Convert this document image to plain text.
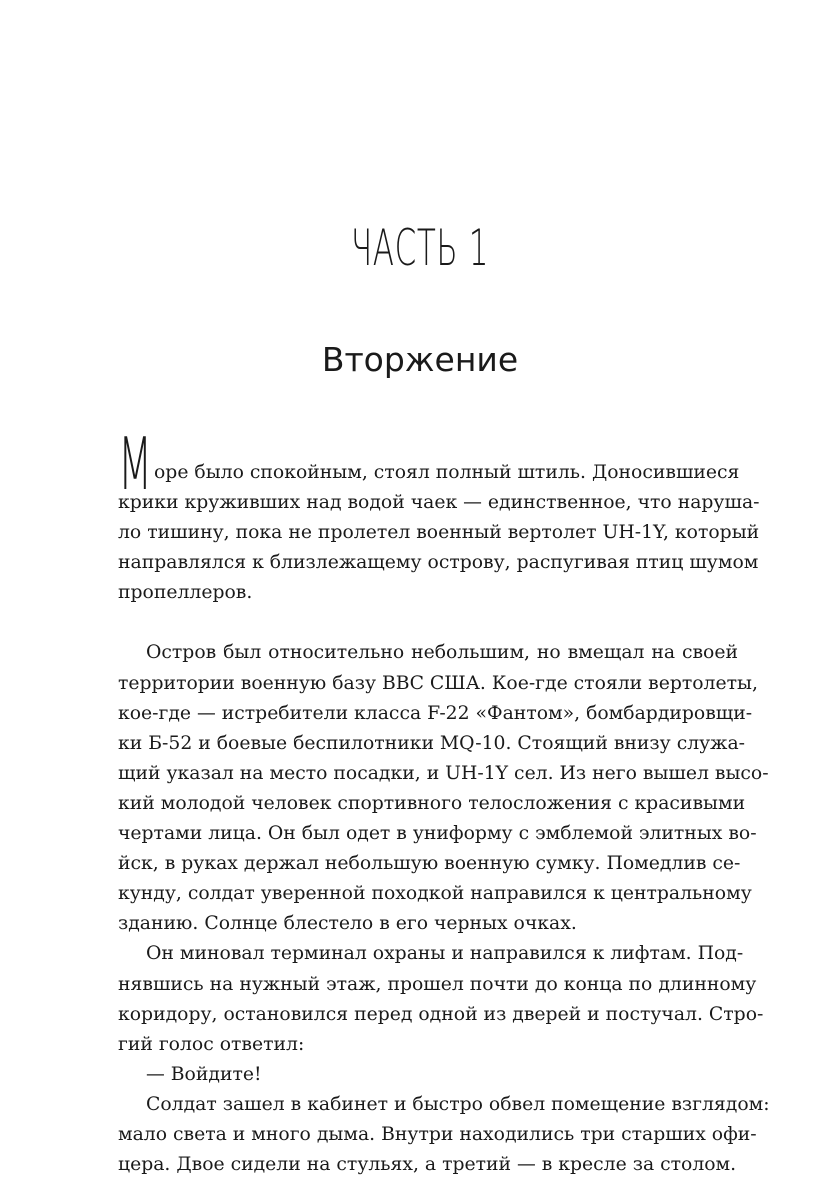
ЧАСТЬ 1
Вторжение

М оре было спокойным, стоял полный штиль. Доносившиеся
крики круживших над водой чаек — единственное, что наруша-
ло тишину, пока не пролетел военный вертолет UH-1Y, который
направлялся к близлежащему острову, распугивая птиц шумом
пропеллеров.

Остров был относительно небольшим, но вмещал на своей
территории военную базу ВВС США. Кое-где стояли вертолеты,
кое-где — истребители класса F-22 «Фантом», бомбардировщи-
ки Б-52 и боевые беспилотники MQ-10. Стоящий внизу служа-
щий указал на место посадки, и UH-1Y сел. Из него вышел высо-
кий молодой человек спортивного телосложения с красивыми
чертами лица. Он был одет в униформу с эмблемой элитных во-
йск, в руках держал небольшую военную сумку. Помедлив се-
кунду, солдат уверенной походкой направился к центральному
зданию. Солнце блестело в его черных очках.

Он миновал терминал охраны и направился к лифтам. Под-
нявшись на нужный этаж, прошел почти до конца по длинному
коридору, остановился перед одной из дверей и постучал. Стро-
гий голос ответил:

— Войдите!

Солдат зашел в кабинет и быстро обвел помещение взглядом:
мало света и много дыма. Внутри находились три старших офи-
цера. Двое сидели на стульях, а третий — в кресле за столом.
